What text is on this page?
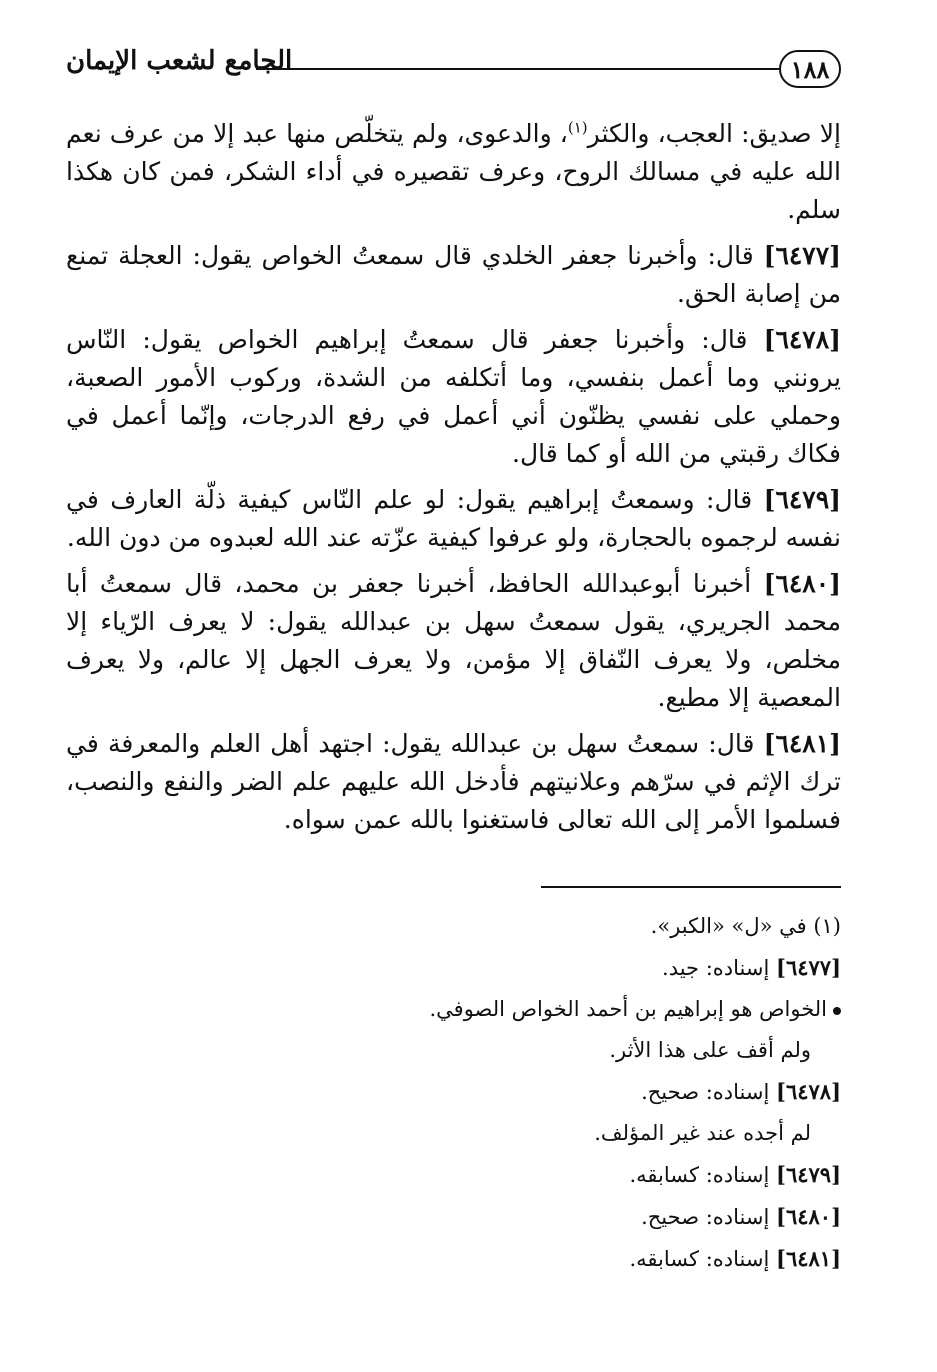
١٨٨
الجامع لشعب الإيمان

إلا صديق: العجب، والكثر$^{(١)}$، والدعوى، ولم يتخلّص منها عبد إلا من عرف نعم الله عليه في مسالك الروح، وعرف تقصيره في أداء الشكر، فمن كان هكذا سلم.

[٦٤٧٧] قال: وأخبرنا جعفر الخلدي قال سمعتُ الخواص يقول: العجلة تمنع من إصابة الحق.

[٦٤٧٨] قال: وأخبرنا جعفر قال سمعتُ إبراهيم الخواص يقول: النّاس يرونني وما أعمل بنفسي، وما أتكلفه من الشدة، وركوب الأمور الصعبة، وحملي على نفسي يظنّون أني أعمل في رفع الدرجات، وإنّما أعمل في فكاك رقبتي من الله أو كما قال.

[٦٤٧٩] قال: وسمعتُ إبراهيم يقول: لو علم النّاس كيفية ذلّة العارف في نفسه لرجموه بالحجارة، ولو عرفوا كيفية عزّته عند الله لعبدوه من دون الله.

[٦٤٨٠] أخبرنا أبوعبدالله الحافظ، أخبرنا جعفر بن محمد، قال سمعتُ أبا محمد الجريري، يقول سمعتُ سهل بن عبدالله يقول: لا يعرف الرّياء إلا مخلص، ولا يعرف النّفاق إلا مؤمن، ولا يعرف الجهل إلا عالم، ولا يعرف المعصية إلا مطيع.

[٦٤٨١] قال: سمعتُ سهل بن عبدالله يقول: اجتهد أهل العلم والمعرفة في ترك الإثم في سرّهم وعلانيتهم فأدخل الله عليهم علم الضر والنفع والنصب، فسلموا الأمر إلى الله تعالى فاستغنوا بالله عمن سواه.

(١) في «ل» «الكبر».

[٦٤٧٧] إسناده: جيد.

الخواص هو إبراهيم بن أحمد الخواص الصوفي.

ولم أقف على هذا الأثر.

[٦٤٧٨] إسناده: صحيح.

لم أجده عند غير المؤلف.

[٦٤٧٩] إسناده: كسابقه.

[٦٤٨٠] إسناده: صحيح.

[٦٤٨١] إسناده: كسابقه.
